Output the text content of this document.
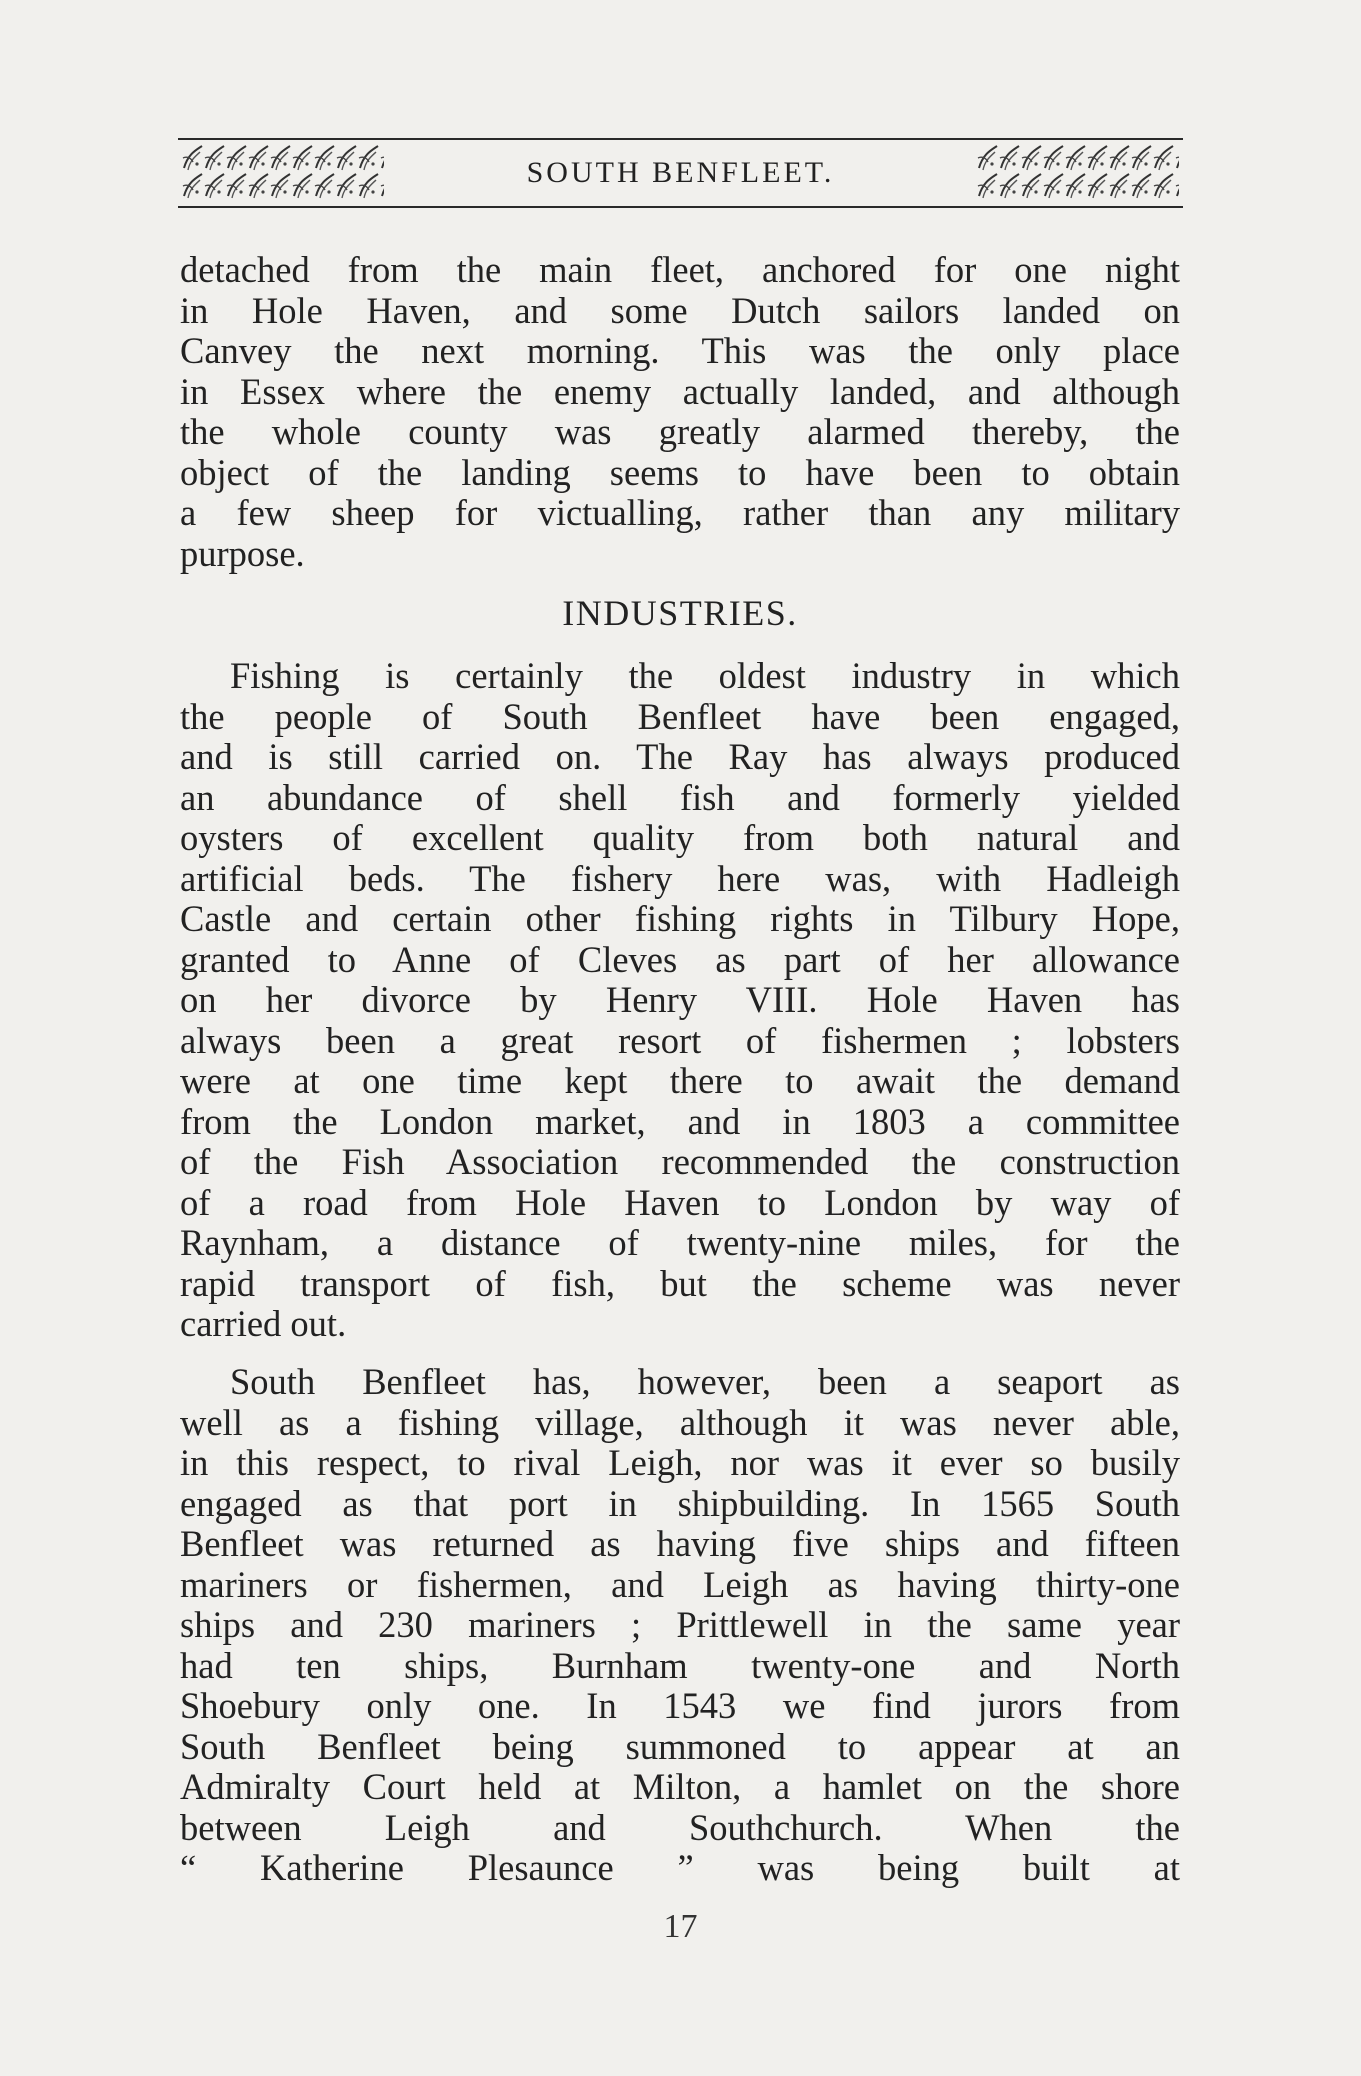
SOUTH BENFLEET.
detached from the main fleet, anchored for one night
in Hole Haven, and some Dutch sailors landed on
Canvey the next morning. This was the only place
in Essex where the enemy actually landed, and although
the whole county was greatly alarmed thereby, the
object of the landing seems to have been to obtain
a few sheep for victualling, rather than any military
purpose.
INDUSTRIES.
Fishing is certainly the oldest industry in which
the people of South Benfleet have been engaged,
and is still carried on. The Ray has always produced
an abundance of shell fish and formerly yielded
oysters of excellent quality from both natural and
artificial beds. The fishery here was, with Hadleigh
Castle and certain other fishing rights in Tilbury Hope,
granted to Anne of Cleves as part of her allowance
on her divorce by Henry VIII. Hole Haven has
always been a great resort of fishermen ; lobsters
were at one time kept there to await the demand
from the London market, and in 1803 a committee
of the Fish Association recommended the construction
of a road from Hole Haven to London by way of
Raynham, a distance of twenty-nine miles, for the
rapid transport of fish, but the scheme was never
carried out.
South Benfleet has, however, been a seaport as
well as a fishing village, although it was never able,
in this respect, to rival Leigh, nor was it ever so busily
engaged as that port in shipbuilding. In 1565 South
Benfleet was returned as having five ships and fifteen
mariners or fishermen, and Leigh as having thirty-one
ships and 230 mariners ; Prittlewell in the same year
had ten ships, Burnham twenty-one and North
Shoebury only one. In 1543 we find jurors from
South Benfleet being summoned to appear at an
Admiralty Court held at Milton, a hamlet on the shore
between Leigh and Southchurch. When the
“ Katherine Plesaunce ” was being built at
17
